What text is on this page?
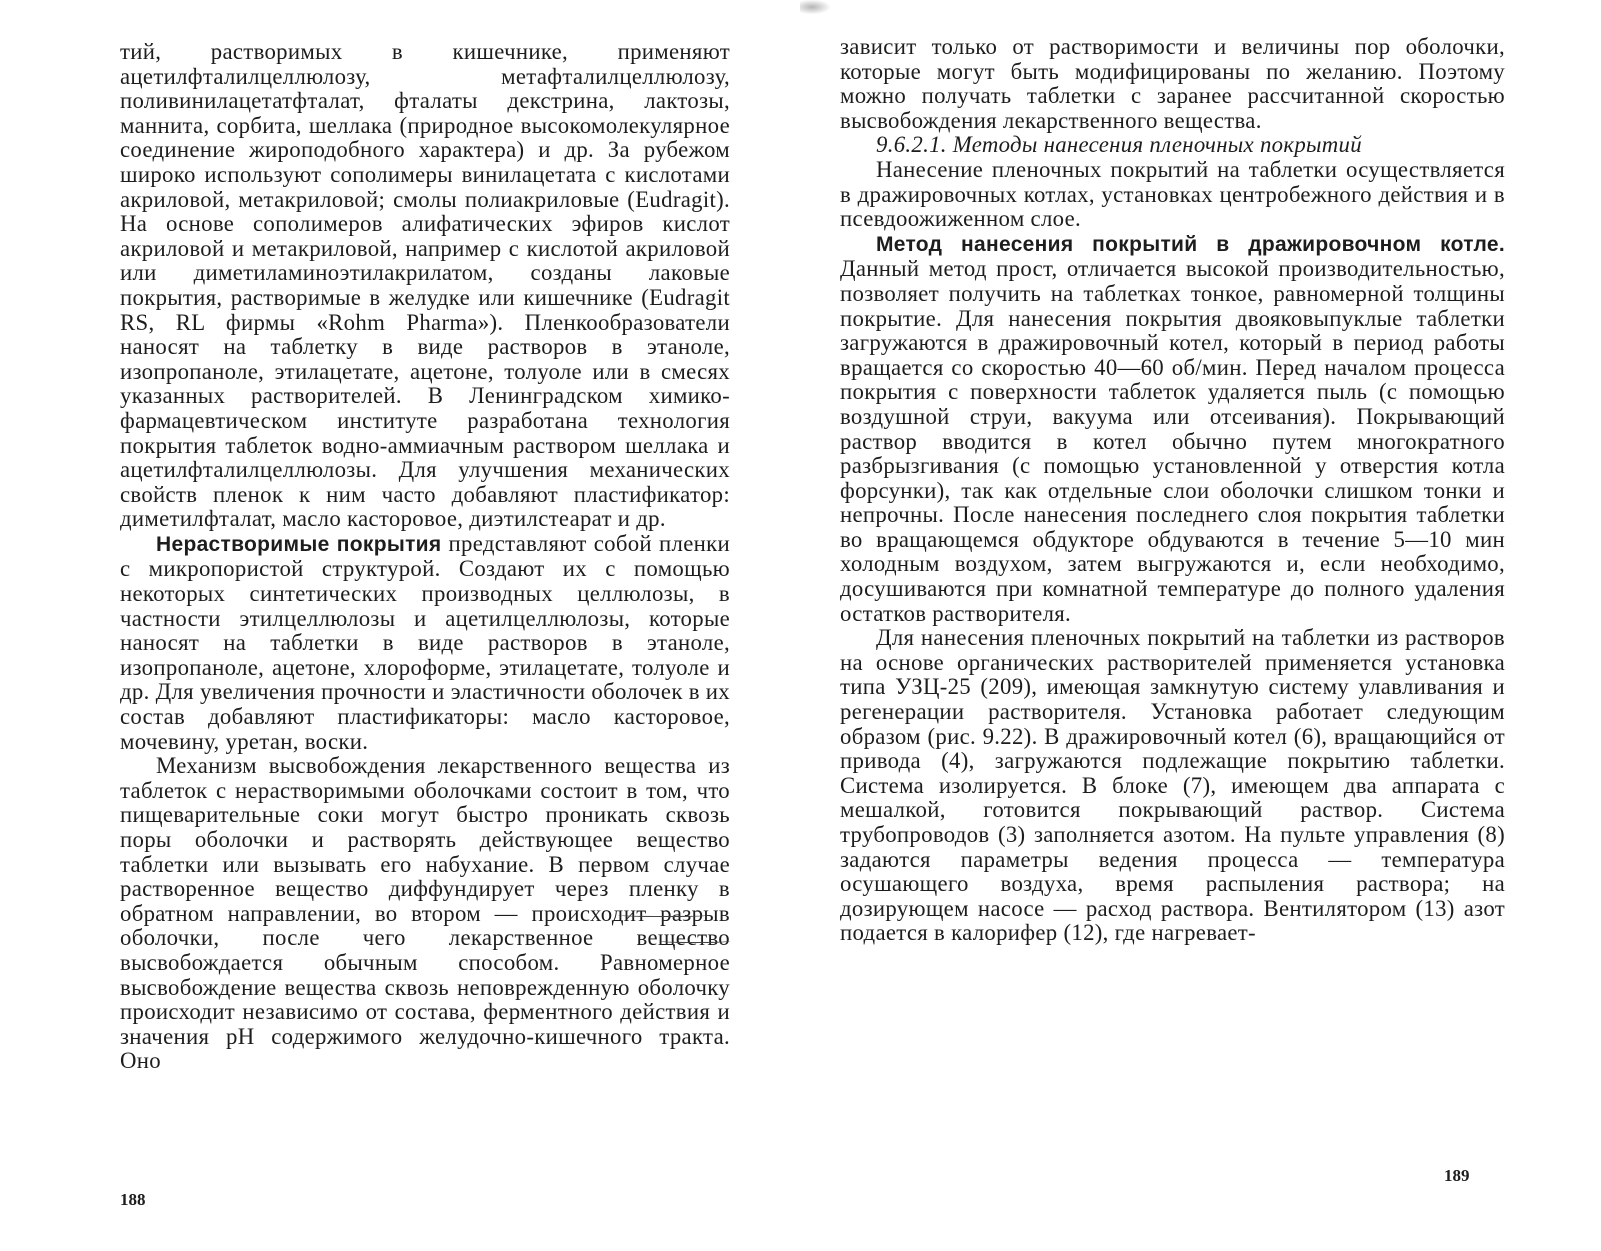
тий, растворимых в кишечнике, применяют ацетилфталилцеллюлозу, метафталилцеллюлозу, поливинилацетатфталат, фталаты декстрина, лактозы, маннита, сорбита, шеллака (природное высокомолекулярное соединение жироподобного характера) и др. За рубежом широко используют сополимеры винилацетата с кислотами акриловой, метакриловой; смолы полиакриловые (Eudragit). На основе сополимеров алифатических эфиров кислот акриловой и метакриловой, например с кислотой акриловой или диметиламиноэтилакрилатом, созданы лаковые покрытия, растворимые в желудке или кишечнике (Eudragit RS, RL фирмы «Rohm Pharma»). Пленкообразователи наносят на таблетку в виде растворов в этаноле, изопропаноле, этилацетате, ацетоне, толуоле или в смесях указанных растворителей. В Ленинградском химико-фармацевтическом институте разработана технология покрытия таблеток водно-аммиачным раствором шеллака и ацетилфталилцеллюлозы. Для улучшения механических свойств пленок к ним часто добавляют пластификатор: диметилфталат, масло касторовое, диэтилстеарат и др.

Нерастворимые покрытия представляют собой пленки с микропористой структурой. Создают их с помощью некоторых синтетических производных целлюлозы, в частности этилцеллюлозы и ацетилцеллюлозы, которые наносят на таблетки в виде растворов в этаноле, изопропаноле, ацетоне, хлороформе, этилацетате, толуоле и др. Для увеличения прочности и эластичности оболочек в их состав добавляют пластификаторы: масло касторовое, мочевину, уретан, воски.

Механизм высвобождения лекарственного вещества из таблеток с нерастворимыми оболочками состоит в том, что пищеварительные соки могут быстро проникать сквозь поры оболочки и растворять действующее вещество таблетки или вызывать его набухание. В первом случае растворенное вещество диффундирует через пленку в обратном направлении, во втором — происходит разрыв оболочки, после чего лекарственное вещество высвобождается обычным способом. Равномерное высвобождение вещества сквозь неповрежденную оболочку происходит независимо от состава, ферментного действия и значения pH содержимого желудочно-кишечного тракта. Оно

188

зависит только от растворимости и величины пор оболочки, которые могут быть модифицированы по желанию. Поэтому можно получать таблетки с заранее рассчитанной скоростью высвобождения лекарственного вещества.

9.6.2.1. Методы нанесения пленочных покрытий

Нанесение пленочных покрытий на таблетки осуществляется в дражировочных котлах, установках центробежного действия и в псевдоожиженном слое.

Метод нанесения покрытий в дражировочном котле. Данный метод прост, отличается высокой производительностью, позволяет получить на таблетках тонкое, равномерной толщины покрытие. Для нанесения покрытия двояковыпуклые таблетки загружаются в дражировочный котел, который в период работы вращается со скоростью 40—60 об/мин. Перед началом процесса покрытия с поверхности таблеток удаляется пыль (с помощью воздушной струи, вакуума или отсеивания). Покрывающий раствор вводится в котел обычно путем многократного разбрызгивания (с помощью установленной у отверстия котла форсунки), так как отдельные слои оболочки слишком тонки и непрочны. После нанесения последнего слоя покрытия таблетки во вращающемся обдукторе обдуваются в течение 5—10 мин холодным воздухом, затем выгружаются и, если необходимо, досушиваются при комнатной температуре до полного удаления остатков растворителя.

Для нанесения пленочных покрытий на таблетки из растворов на основе органических растворителей применяется установка типа УЗЦ-25 (209), имеющая замкнутую систему улавливания и регенерации растворителя. Установка работает следующим образом (рис. 9.22). В дражировочный котел (6), вращающийся от привода (4), загружаются подлежащие покрытию таблетки. Система изолируется. В блоке (7), имеющем два аппарата с мешалкой, готовится покрывающий раствор. Система трубопроводов (3) заполняется азотом. На пульте управления (8) задаются параметры ведения процесса — температура осушающего воздуха, время распыления раствора; на дозирующем насосе — расход раствора. Вентилятором (13) азот подается в калорифер (12), где нагревает-

189
